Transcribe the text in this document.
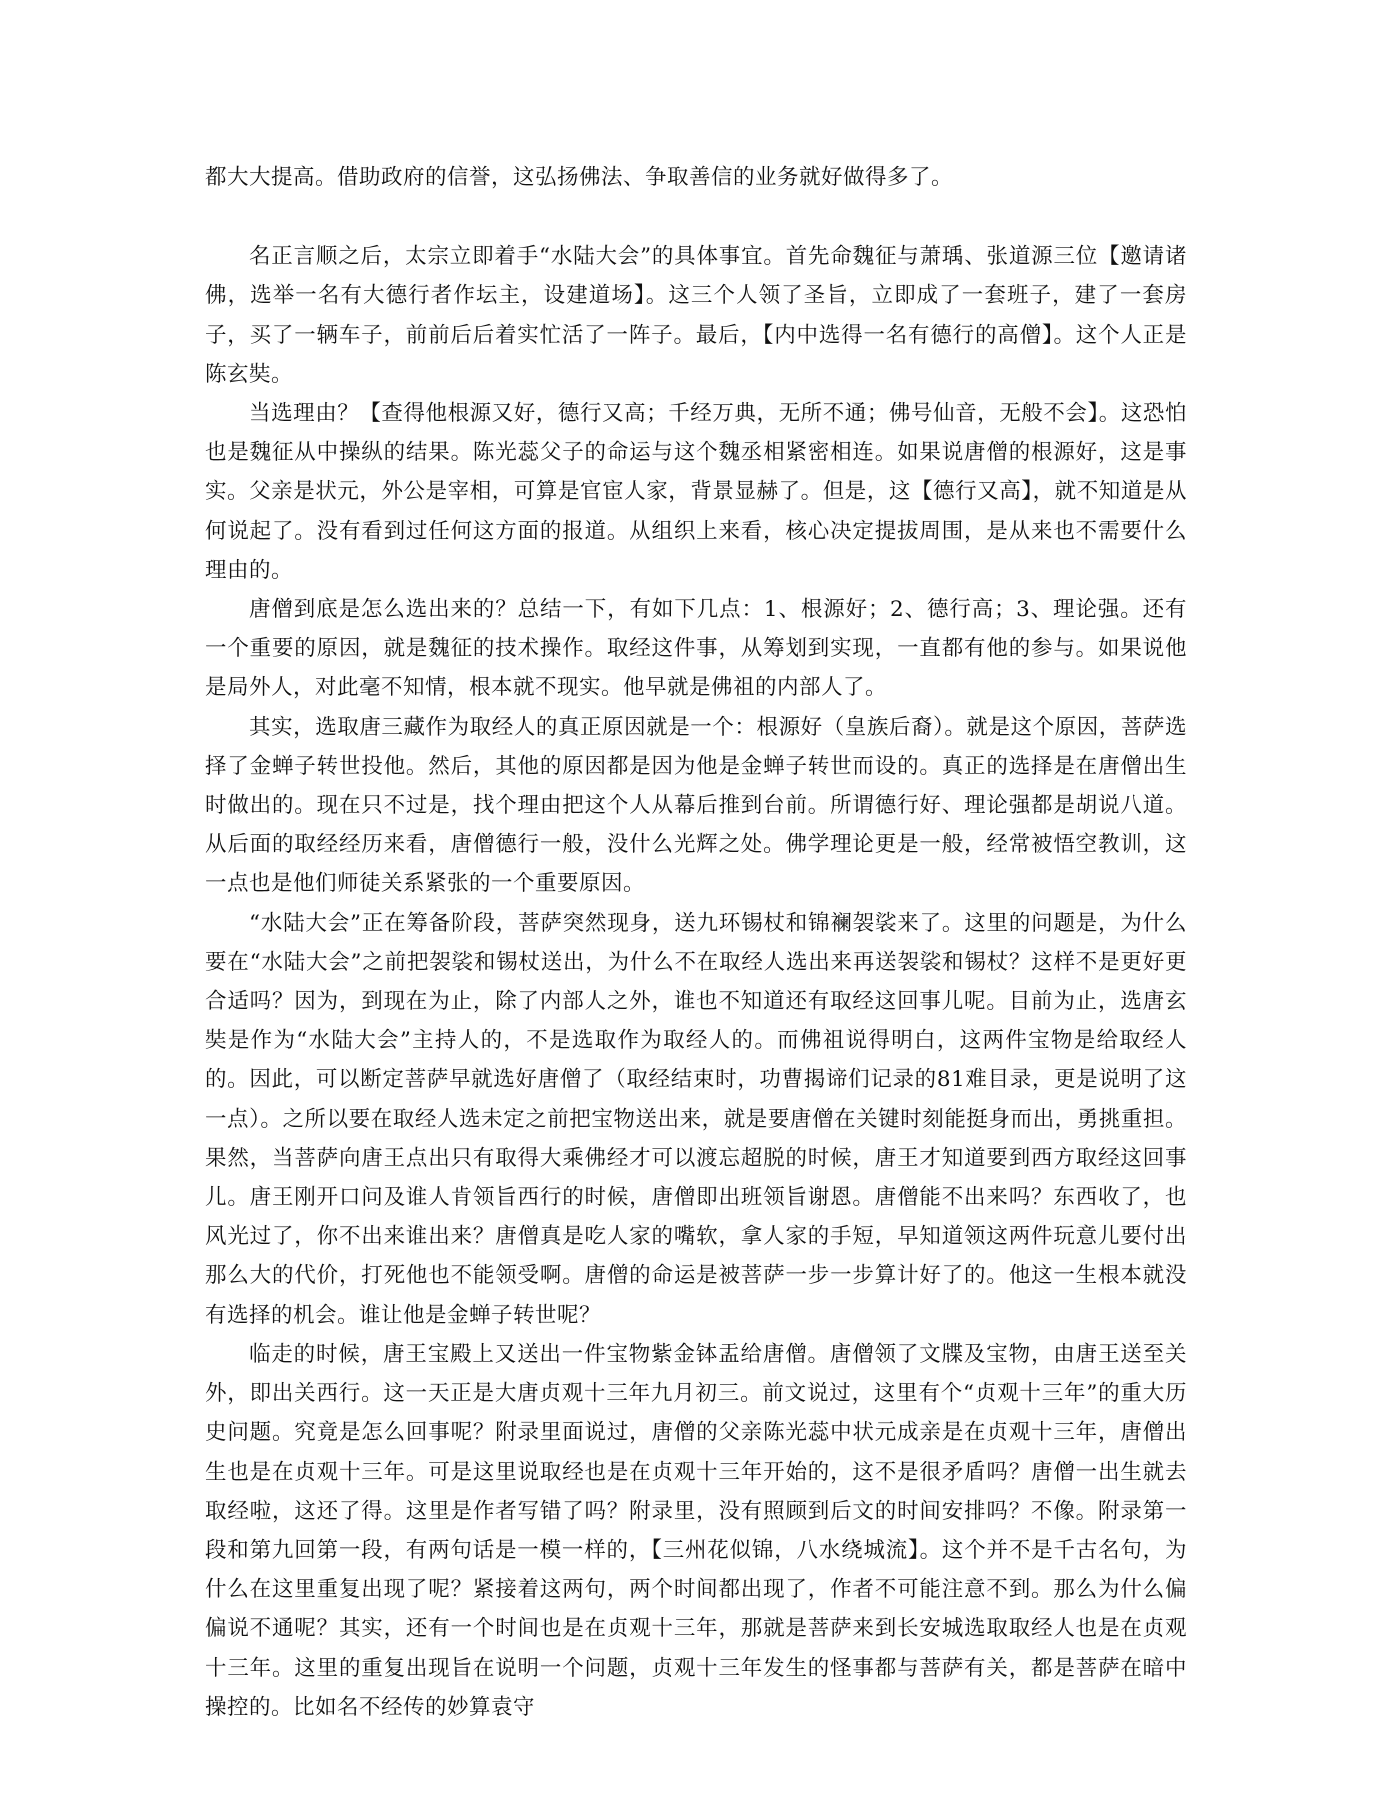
都大大提高。借助政府的信誉，这弘扬佛法、争取善信的业务就好做得多了。

名正言顺之后，太宗立即着手“水陆大会”的具体事宜。首先命魏征与萧瑀、张道源三位【邀请诸佛，选举一名有大德行者作坛主，设建道场】。这三个人领了圣旨，立即成了一套班子，建了一套房子，买了一辆车子，前前后后着实忙活了一阵子。最后，【内中选得一名有德行的高僧】。这个人正是陈玄奘。

当选理由？【查得他根源又好，德行又高；千经万典，无所不通；佛号仙音，无般不会】。这恐怕也是魏征从中操纵的结果。陈光蕊父子的命运与这个魏丞相紧密相连。如果说唐僧的根源好，这是事实。父亲是状元，外公是宰相，可算是官宦人家，背景显赫了。但是，这【德行又高】，就不知道是从何说起了。没有看到过任何这方面的报道。从组织上来看，核心决定提拔周围，是从来也不需要什么理由的。

唐僧到底是怎么选出来的？总结一下，有如下几点：1、根源好；2、德行高；3、理论强。还有一个重要的原因，就是魏征的技术操作。取经这件事，从筹划到实现，一直都有他的参与。如果说他是局外人，对此毫不知情，根本就不现实。他早就是佛祖的内部人了。

其实，选取唐三藏作为取经人的真正原因就是一个：根源好（皇族后裔）。就是这个原因，菩萨选择了金蝉子转世投他。然后，其他的原因都是因为他是金蝉子转世而设的。真正的选择是在唐僧出生时做出的。现在只不过是，找个理由把这个人从幕后推到台前。所谓德行好、理论强都是胡说八道。从后面的取经经历来看，唐僧德行一般，没什么光辉之处。佛学理论更是一般，经常被悟空教训，这一点也是他们师徒关系紧张的一个重要原因。

“水陆大会”正在筹备阶段，菩萨突然现身，送九环锡杖和锦襕袈裟来了。这里的问题是，为什么要在“水陆大会”之前把袈裟和锡杖送出，为什么不在取经人选出来再送袈裟和锡杖？这样不是更好更合适吗？因为，到现在为止，除了内部人之外，谁也不知道还有取经这回事儿呢。目前为止，选唐玄奘是作为“水陆大会”主持人的，不是选取作为取经人的。而佛祖说得明白，这两件宝物是给取经人的。因此，可以断定菩萨早就选好唐僧了（取经结束时，功曹揭谛们记录的81难目录，更是说明了这一点）。之所以要在取经人选未定之前把宝物送出来，就是要唐僧在关键时刻能挺身而出，勇挑重担。果然，当菩萨向唐王点出只有取得大乘佛经才可以渡忘超脱的时候，唐王才知道要到西方取经这回事儿。唐王刚开口问及谁人肯领旨西行的时候，唐僧即出班领旨谢恩。唐僧能不出来吗？东西收了，也风光过了，你不出来谁出来？唐僧真是吃人家的嘴软，拿人家的手短，早知道领这两件玩意儿要付出那么大的代价，打死他也不能领受啊。唐僧的命运是被菩萨一步一步算计好了的。他这一生根本就没有选择的机会。谁让他是金蝉子转世呢？

临走的时候，唐王宝殿上又送出一件宝物紫金钵盂给唐僧。唐僧领了文牒及宝物，由唐王送至关外，即出关西行。这一天正是大唐贞观十三年九月初三。前文说过，这里有个“贞观十三年”的重大历史问题。究竟是怎么回事呢？附录里面说过，唐僧的父亲陈光蕊中状元成亲是在贞观十三年，唐僧出生也是在贞观十三年。可是这里说取经也是在贞观十三年开始的，这不是很矛盾吗？唐僧一出生就去取经啦，这还了得。这里是作者写错了吗？附录里，没有照顾到后文的时间安排吗？不像。附录第一段和第九回第一段，有两句话是一模一样的，【三州花似锦，八水绕城流】。这个并不是千古名句，为什么在这里重复出现了呢？紧接着这两句，两个时间都出现了，作者不可能注意不到。那么为什么偏偏说不通呢？其实，还有一个时间也是在贞观十三年，那就是菩萨来到长安城选取取经人也是在贞观十三年。这里的重复出现旨在说明一个问题，贞观十三年发生的怪事都与菩萨有关，都是菩萨在暗中操控的。比如名不经传的妙算袁守
